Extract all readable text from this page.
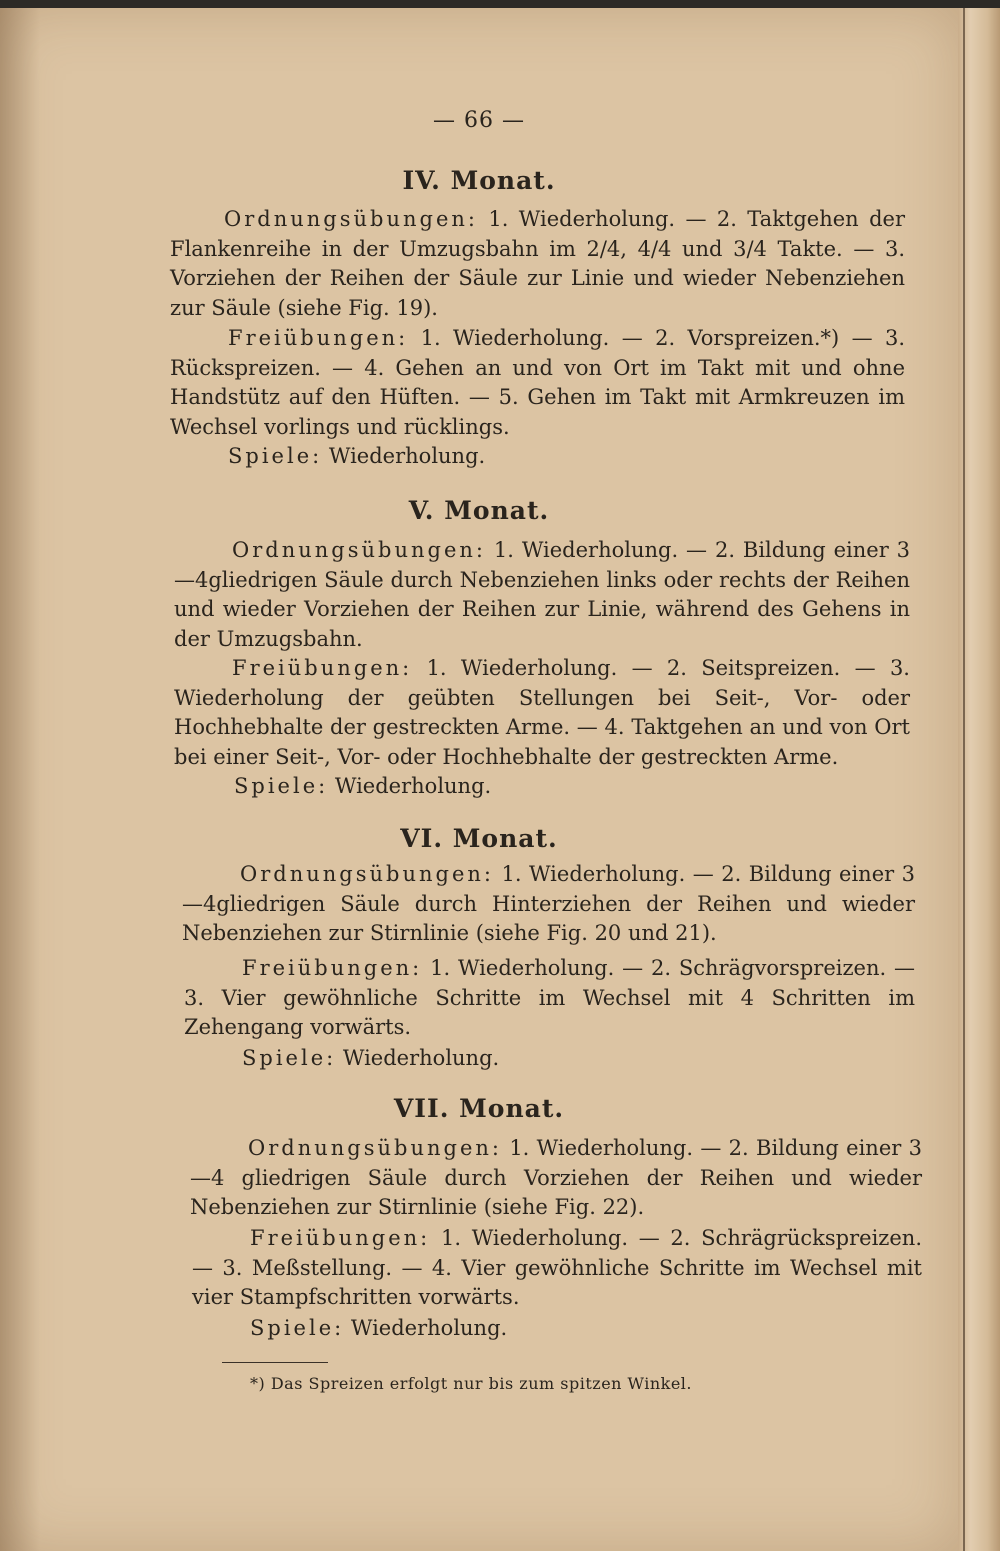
— 66 —
IV. Monat.
Ordnungsübungen: 1. Wiederholung. — 2. Taktgehen der Flankenreihe in der Umzugsbahn im 2/4, 4/4 und 3/4 Takte. — 3. Vorziehen der Reihen der Säule zur Linie und wieder Nebenziehen zur Säule (siehe Fig. 19).
Freiübungen: 1. Wiederholung. — 2. Vorspreizen.*) — 3. Rückspreizen. — 4. Gehen an und von Ort im Takt mit und ohne Handstütz auf den Hüften. — 5. Gehen im Takt mit Armkreuzen im Wechsel vorlings und rücklings.
Spiele: Wiederholung.
V. Monat.
Ordnungsübungen: 1. Wiederholung. — 2. Bildung einer 3—4gliedrigen Säule durch Nebenziehen links oder rechts der Reihen und wieder Vorziehen der Reihen zur Linie, während des Gehens in der Umzugsbahn.
Freiübungen: 1. Wiederholung. — 2. Seitspreizen. — 3. Wiederholung der geübten Stellungen bei Seit-, Vor- oder Hochhebhalte der gestreckten Arme. — 4. Taktgehen an und von Ort bei einer Seit-, Vor- oder Hochhebhalte der gestreckten Arme.
Spiele: Wiederholung.
VI. Monat.
Ordnungsübungen: 1. Wiederholung. — 2. Bildung einer 3—4gliedrigen Säule durch Hinterziehen der Reihen und wieder Nebenziehen zur Stirnlinie (siehe Fig. 20 und 21).
Freiübungen: 1. Wiederholung. — 2. Schrägvorspreizen. — 3. Vier gewöhnliche Schritte im Wechsel mit 4 Schritten im Zehengang vorwärts.
Spiele: Wiederholung.
VII. Monat.
Ordnungsübungen: 1. Wiederholung. — 2. Bildung einer 3—4 gliedrigen Säule durch Vorziehen der Reihen und wieder Nebenziehen zur Stirnlinie (siehe Fig. 22).
Freiübungen: 1. Wiederholung. — 2. Schrägrückspreizen. — 3. Meßstellung. — 4. Vier gewöhnliche Schritte im Wechsel mit vier Stampfschritten vorwärts.
Spiele: Wiederholung.
*) Das Spreizen erfolgt nur bis zum spitzen Winkel.
